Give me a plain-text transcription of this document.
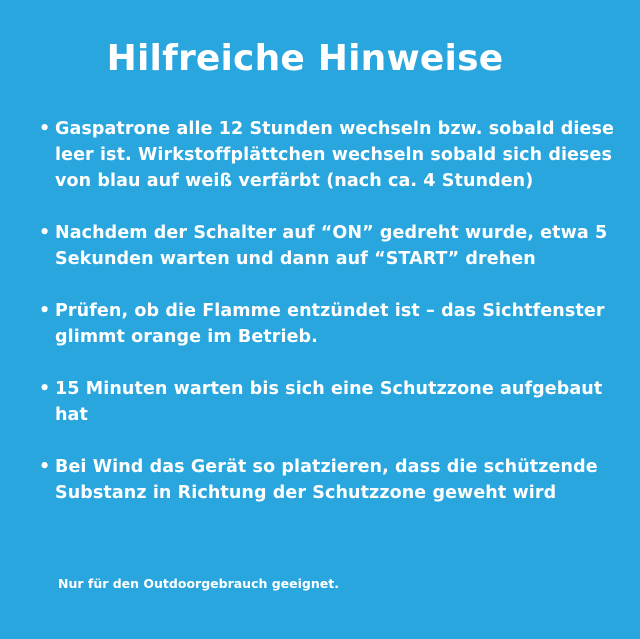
Hilfreiche Hinweise
• Gaspatrone alle 12 Stunden wechseln bzw. sobald diese leer ist. Wirkstoffplättchen wechseln sobald sich dieses von blau auf weiß verfärbt (nach ca. 4 Stunden)
• Nachdem der Schalter auf “ON” gedreht wurde, etwa 5 Sekunden warten und dann auf “START” drehen
• Prüfen, ob die Flamme entzündet ist – das Sichtfenster glimmt orange im Betrieb.
• 15 Minuten warten bis sich eine Schutzzone aufgebaut hat
• Bei Wind das Gerät so platzieren, dass die schützende Substanz in Richtung der Schutzzone geweht wird

Nur für den Outdoorgebrauch geeignet.
